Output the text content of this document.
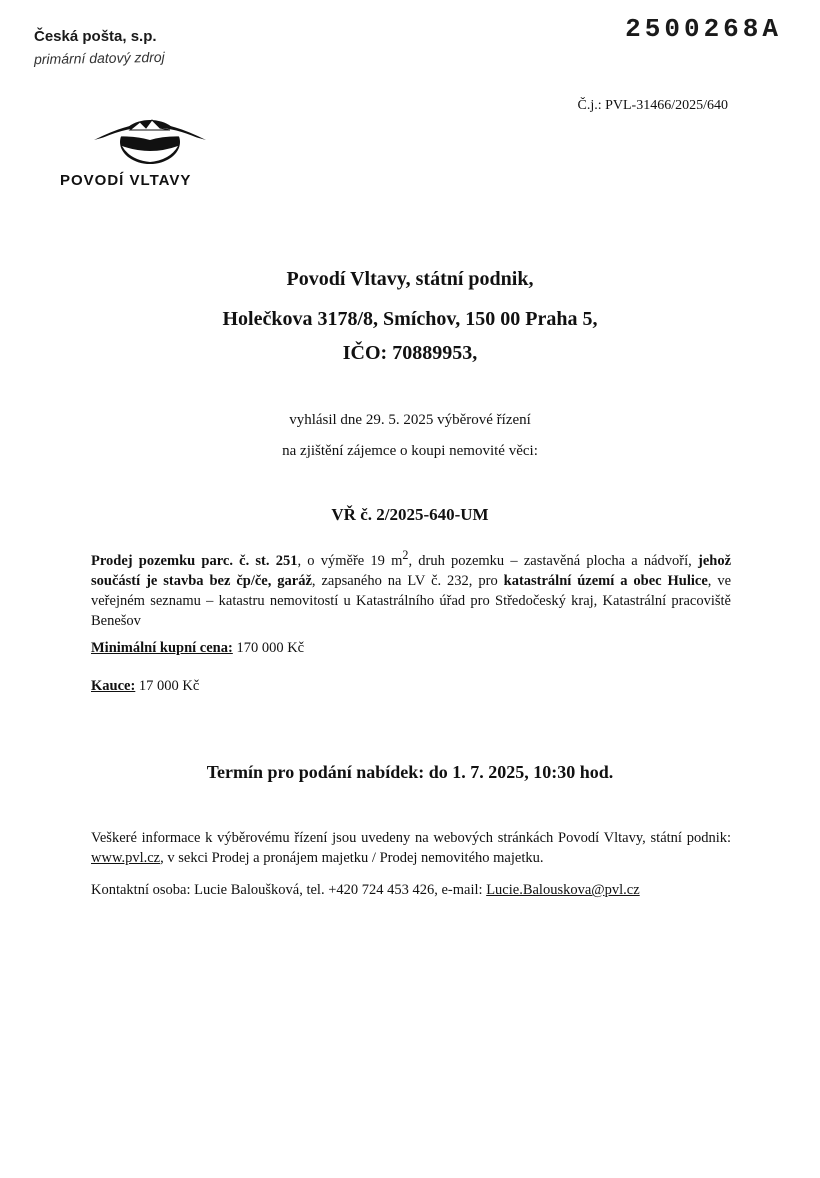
Česká pošta, s.p.
primární datový zdroj
2500268A
Č.j.: PVL-31466/2025/640
POVODÍ VLTAVY
Povodí Vltavy, státní podnik,
Holečkova 3178/8, Smíchov, 150 00 Praha 5,
IČO: 70889953,
vyhlásil dne 29. 5. 2025 výběrové řízení
na zjištění zájemce o koupi nemovité věci:
VŘ č. 2/2025-640-UM
Prodej pozemku parc. č. st. 251, o výměře 19 $m^2$, druh pozemku – zastavěná plocha a nádvoří, jehož součástí je stavba bez čp/če, garáž, zapsaného na LV č. 232, pro katastrální území a obec Hulice, ve veřejném seznamu – katastru nemovitostí u Katastrálního úřad pro Středočeský kraj, Katastrální pracoviště Benešov
Minimální kupní cena: 170 000 Kč
Kauce: 17 000 Kč
Termín pro podání nabídek: do 1. 7. 2025, 10:30 hod.
Veškeré informace k výběrovému řízení jsou uvedeny na webových stránkách Povodí Vltavy, státní podnik: www.pvl.cz, v sekci Prodej a pronájem majetku / Prodej nemovitého majetku.
Kontaktní osoba: Lucie Baloušková, tel. +420 724 453 426, e-mail: Lucie.Balouskova@pvl.cz
